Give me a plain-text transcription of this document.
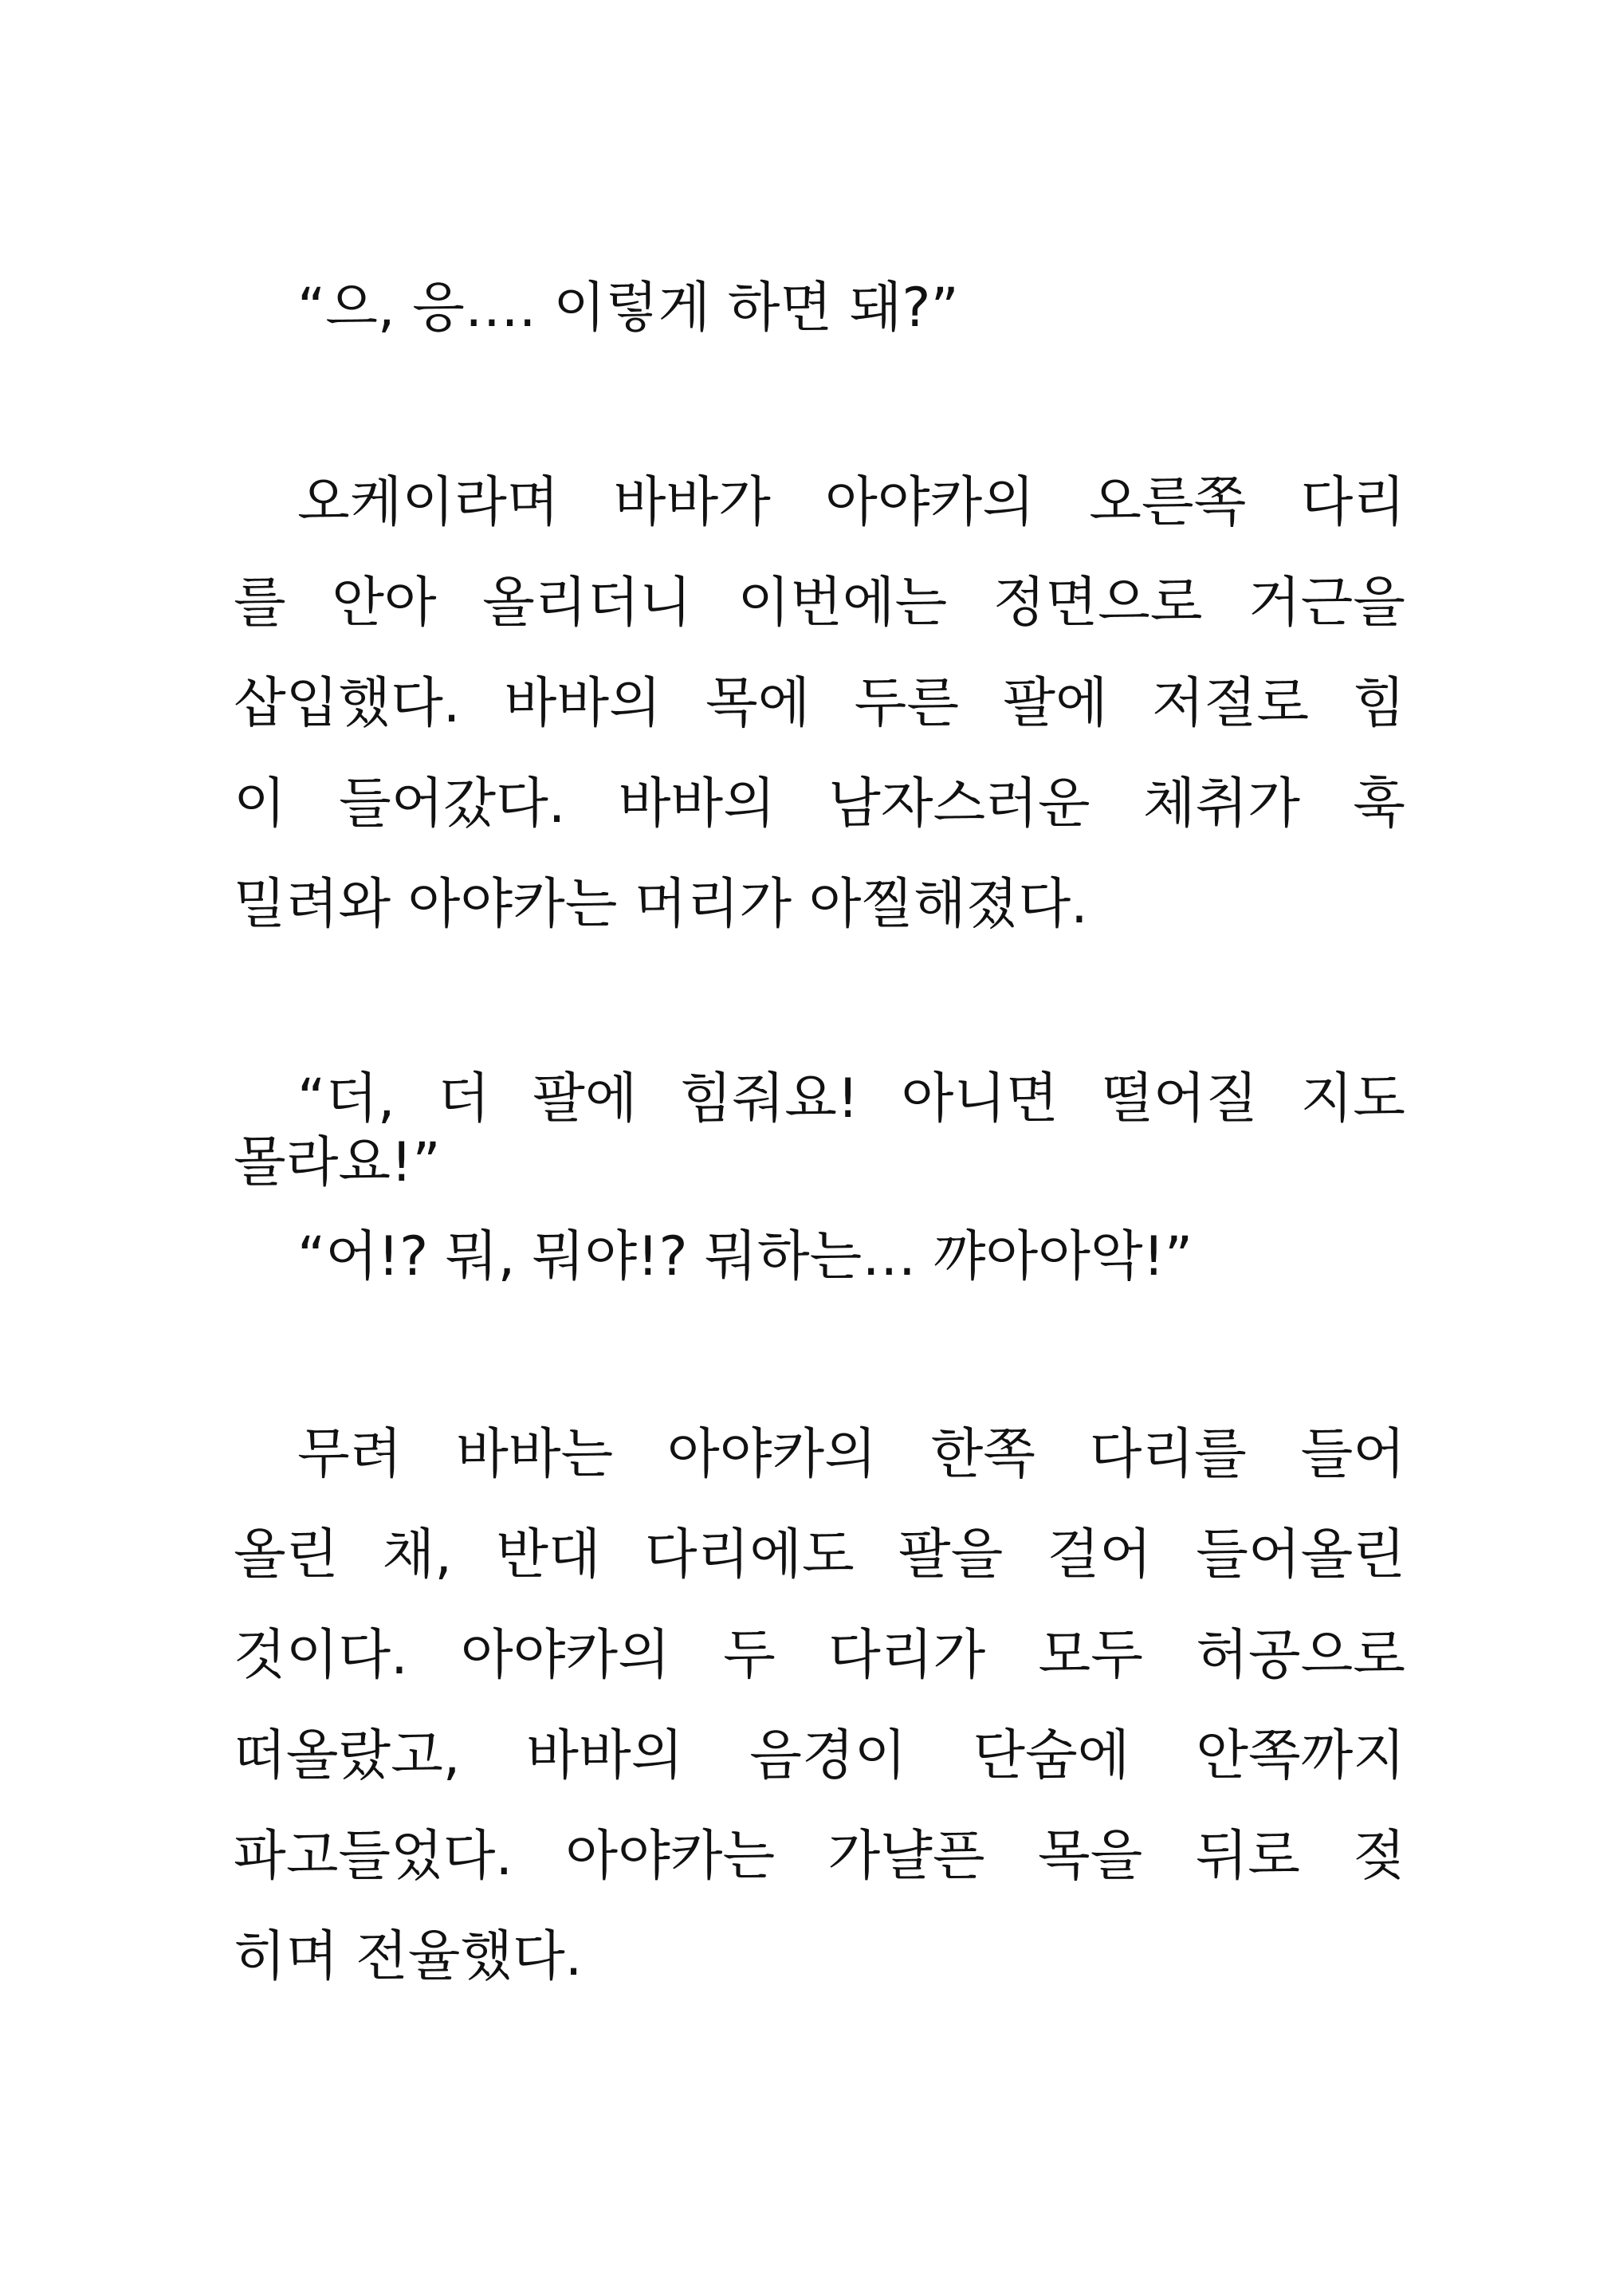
“으, 응…. 이렇게 하면 돼?”
오케이라며 바바가 아야카의 오른쪽 다리
를 안아 올리더니 이번에는 정면으로 거근을
삽입했다. 바바의 목에 두른 팔에 저절로 힘
이 들어갔다. 바바의 남자스러운 체취가 훅
밀려와 아야카는 머리가 아찔해졌다.
“더, 더 팔에 힘줘요! 아니면 떨어질 지도
몰라요!”
“어!? 뭐, 뭐야!? 뭐하는… 꺄아아악!”
무려 바바는 아야카의 한쪽 다리를 들어
올린 채, 반대 다리에도 팔을 걸어 들어올린
것이다. 아야카의 두 다리가 모두 허공으로
떠올랐고, 바바의 음경이 단숨에 안쪽까지
파고들었다. 아야카는 가냘픈 목을 뒤로 젖
히며 전율했다.
